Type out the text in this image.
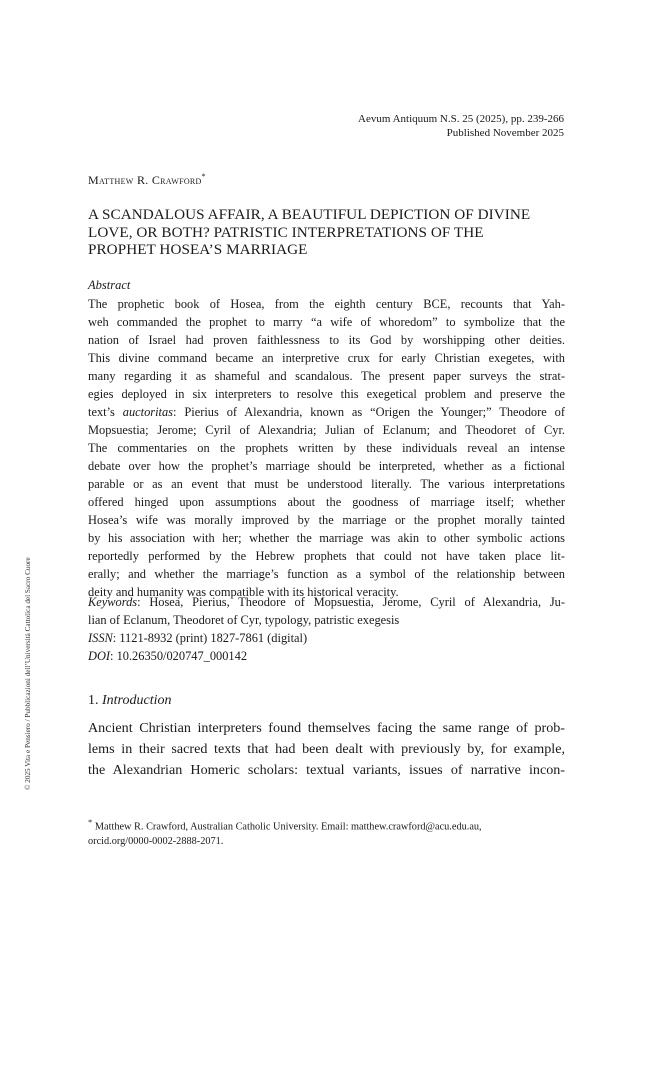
Aevum Antiquum N.S. 25 (2025), pp. 239-266
Published November 2025
Matthew R. Crawford*
A SCANDALOUS AFFAIR, A BEAUTIFUL DEPICTION OF DIVINE
LOVE, OR BOTH? PATRISTIC INTERPRETATIONS OF THE
PROPHET HOSEA’S MARRIAGE
Abstract
The prophetic book of Hosea, from the eighth century BCE, recounts that Yah-
weh commanded the prophet to marry “a wife of whoredom” to symbolize that the
nation of Israel had proven faithlessness to its God by worshipping other deities.
This divine command became an interpretive crux for early Christian exegetes, with
many regarding it as shameful and scandalous. The present paper surveys the strat-
egies deployed in six interpreters to resolve this exegetical problem and preserve the
text’s auctoritas: Pierius of Alexandria, known as “Origen the Younger;” Theodore of
Mopsuestia; Jerome; Cyril of Alexandria; Julian of Eclanum; and Theodoret of Cyr.
The commentaries on the prophets written by these individuals reveal an intense
debate over how the prophet’s marriage should be interpreted, whether as a fictional
parable or as an event that must be understood literally. The various interpretations
offered hinged upon assumptions about the goodness of marriage itself; whether
Hosea’s wife was morally improved by the marriage or the prophet morally tainted
by his association with her; whether the marriage was akin to other symbolic actions
reportedly performed by the Hebrew prophets that could not have taken place lit-
erally; and whether the marriage’s function as a symbol of the relationship between
deity and humanity was compatible with its historical veracity.
Keywords: Hosea, Pierius, Theodore of Mopsuestia, Jerome, Cyril of Alexandria, Ju-
lian of Eclanum, Theodoret of Cyr, typology, patristic exegesis
ISSN: 1121-8932 (print) 1827-7861 (digital)
DOI: 10.26350/020747_000142
1. Introduction
Ancient Christian interpreters found themselves facing the same range of prob-
lems in their sacred texts that had been dealt with previously by, for example,
the Alexandrian Homeric scholars: textual variants, issues of narrative incon-
* Matthew R. Crawford, Australian Catholic University. Email: matthew.crawford@acu.edu.au,
orcid.org/0000-0002-2888-2071.
© 2025 Vita e Pensiero / Pubblicazioni dell’Università Cattolica del Sacro Cuore
